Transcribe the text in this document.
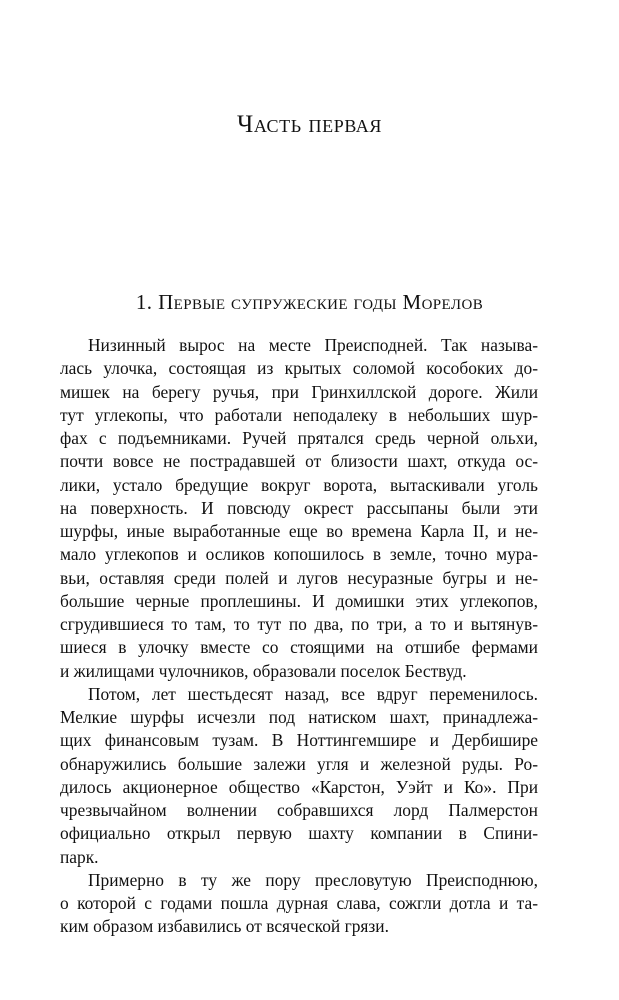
Часть первая
1. Первые супружеские годы Морелов

Низинный вырос на месте Преисподней. Так называ-
лась улочка, состоящая из крытых соломой кособоких до-
мишек на берегу ручья, при Гринхиллской дороге. Жили
тут углекопы, что работали неподалеку в небольших шур-
фах с подъемниками. Ручей прятался средь черной ольхи,
почти вовсе не пострадавшей от близости шахт, откуда ос-
лики, устало бредущие вокруг ворота, вытаскивали уголь
на поверхность. И повсюду окрест рассыпаны были эти
шурфы, иные выработанные еще во времена Карла II, и не-
мало углекопов и осликов копошилось в земле, точно мура-
вьи, оставляя среди полей и лугов несуразные бугры и не-
большие черные проплешины. И домишки этих углекопов,
сгрудившиеся то там, то тут по два, по три, а то и вытянув-
шиеся в улочку вместе со стоящими на отшибе фермами
и жилищами чулочников, образовали поселок Бествуд.

Потом, лет шестьдесят назад, все вдруг переменилось.
Мелкие шурфы исчезли под натиском шахт, принадлежа-
щих финансовым тузам. В Ноттингемшире и Дербишире
обнаружились большие залежи угля и железной руды. Ро-
дилось акционерное общество «Карстон, Уэйт и Ко». При
чрезвычайном волнении собравшихся лорд Палмерстон
официально открыл первую шахту компании в Спини-
парк.

Примерно в ту же пору пресловутую Преисподнюю,
о которой с годами пошла дурная слава, сожгли дотла и та-
ким образом избавились от всяческой грязи.
